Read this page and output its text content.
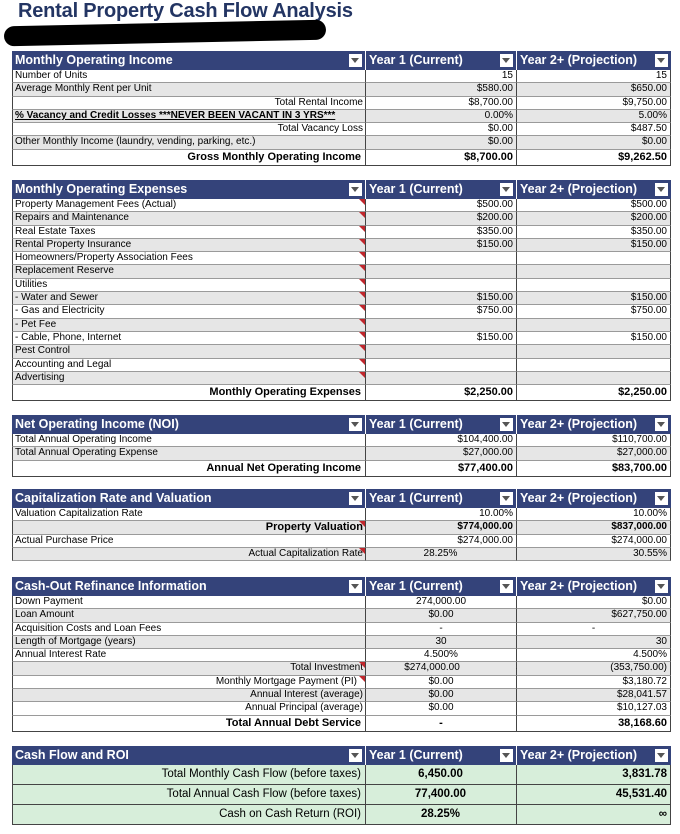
Rental Property Cash Flow Analysis
Monthly Operating Income	Year 1 (Current)	Year 2+ (Projection)
Number of Units	15	15
Average Monthly Rent per Unit	$580.00	$650.00
Total Rental Income	$8,700.00	$9,750.00
% Vacancy and Credit Losses ***NEVER BEEN VACANT IN 3 YRS***	0.00%	5.00%
Total Vacancy Loss	$0.00	$487.50
Other Monthly Income (laundry, vending, parking, etc.)	$0.00	$0.00
Gross Monthly Operating Income	$8,700.00	$9,262.50
Monthly Operating Expenses	Year 1 (Current)	Year 2+ (Projection)
Property Management Fees (Actual)	$500.00	$500.00
Repairs and Maintenance	$200.00	$200.00
Real Estate Taxes	$350.00	$350.00
Rental Property Insurance	$150.00	$150.00
Homeowners/Property Association Fees
Replacement Reserve
Utilities
- Water and Sewer	$150.00	$150.00
- Gas and Electricity	$750.00	$750.00
- Pet Fee
- Cable, Phone, Internet	$150.00	$150.00
Pest Control
Accounting and Legal
Advertising
Monthly Operating Expenses	$2,250.00	$2,250.00
Net Operating Income (NOI)	Year 1 (Current)	Year 2+ (Projection)
Total Annual Operating Income	$104,400.00	$110,700.00
Total Annual Operating Expense	$27,000.00	$27,000.00
Annual Net Operating Income	$77,400.00	$83,700.00
Capitalization Rate and Valuation	Year 1 (Current)	Year 2+ (Projection)
Valuation Capitalization Rate	10.00%	10.00%
Property Valuation	$774,000.00	$837,000.00
Actual Purchase Price	$274,000.00	$274,000.00
Actual Capitalization Rate	28.25%	30.55%
Cash-Out Refinance Information	Year 1 (Current)	Year 2+ (Projection)
Down Payment	274,000.00	$0.00
Loan Amount	$0.00	$627,750.00
Acquisition Costs and Loan Fees	-	-
Length of Mortgage (years)	30	30
Annual Interest Rate	4.500%	4.500%
Total Investment	$274,000.00	(353,750.00)
Monthly Mortgage Payment (PI)	$0.00	$3,180.72
Annual Interest (average)	$0.00	$28,041.57
Annual Principal (average)	$0.00	$10,127.03
Total Annual Debt Service	-	38,168.60
Cash Flow and ROI	Year 1 (Current)	Year 2+ (Projection)
Total Monthly Cash Flow (before taxes)	6,450.00	3,831.78
Total Annual Cash Flow (before taxes)	77,400.00	45,531.40
Cash on Cash Return (ROI)	28.25%	∞
